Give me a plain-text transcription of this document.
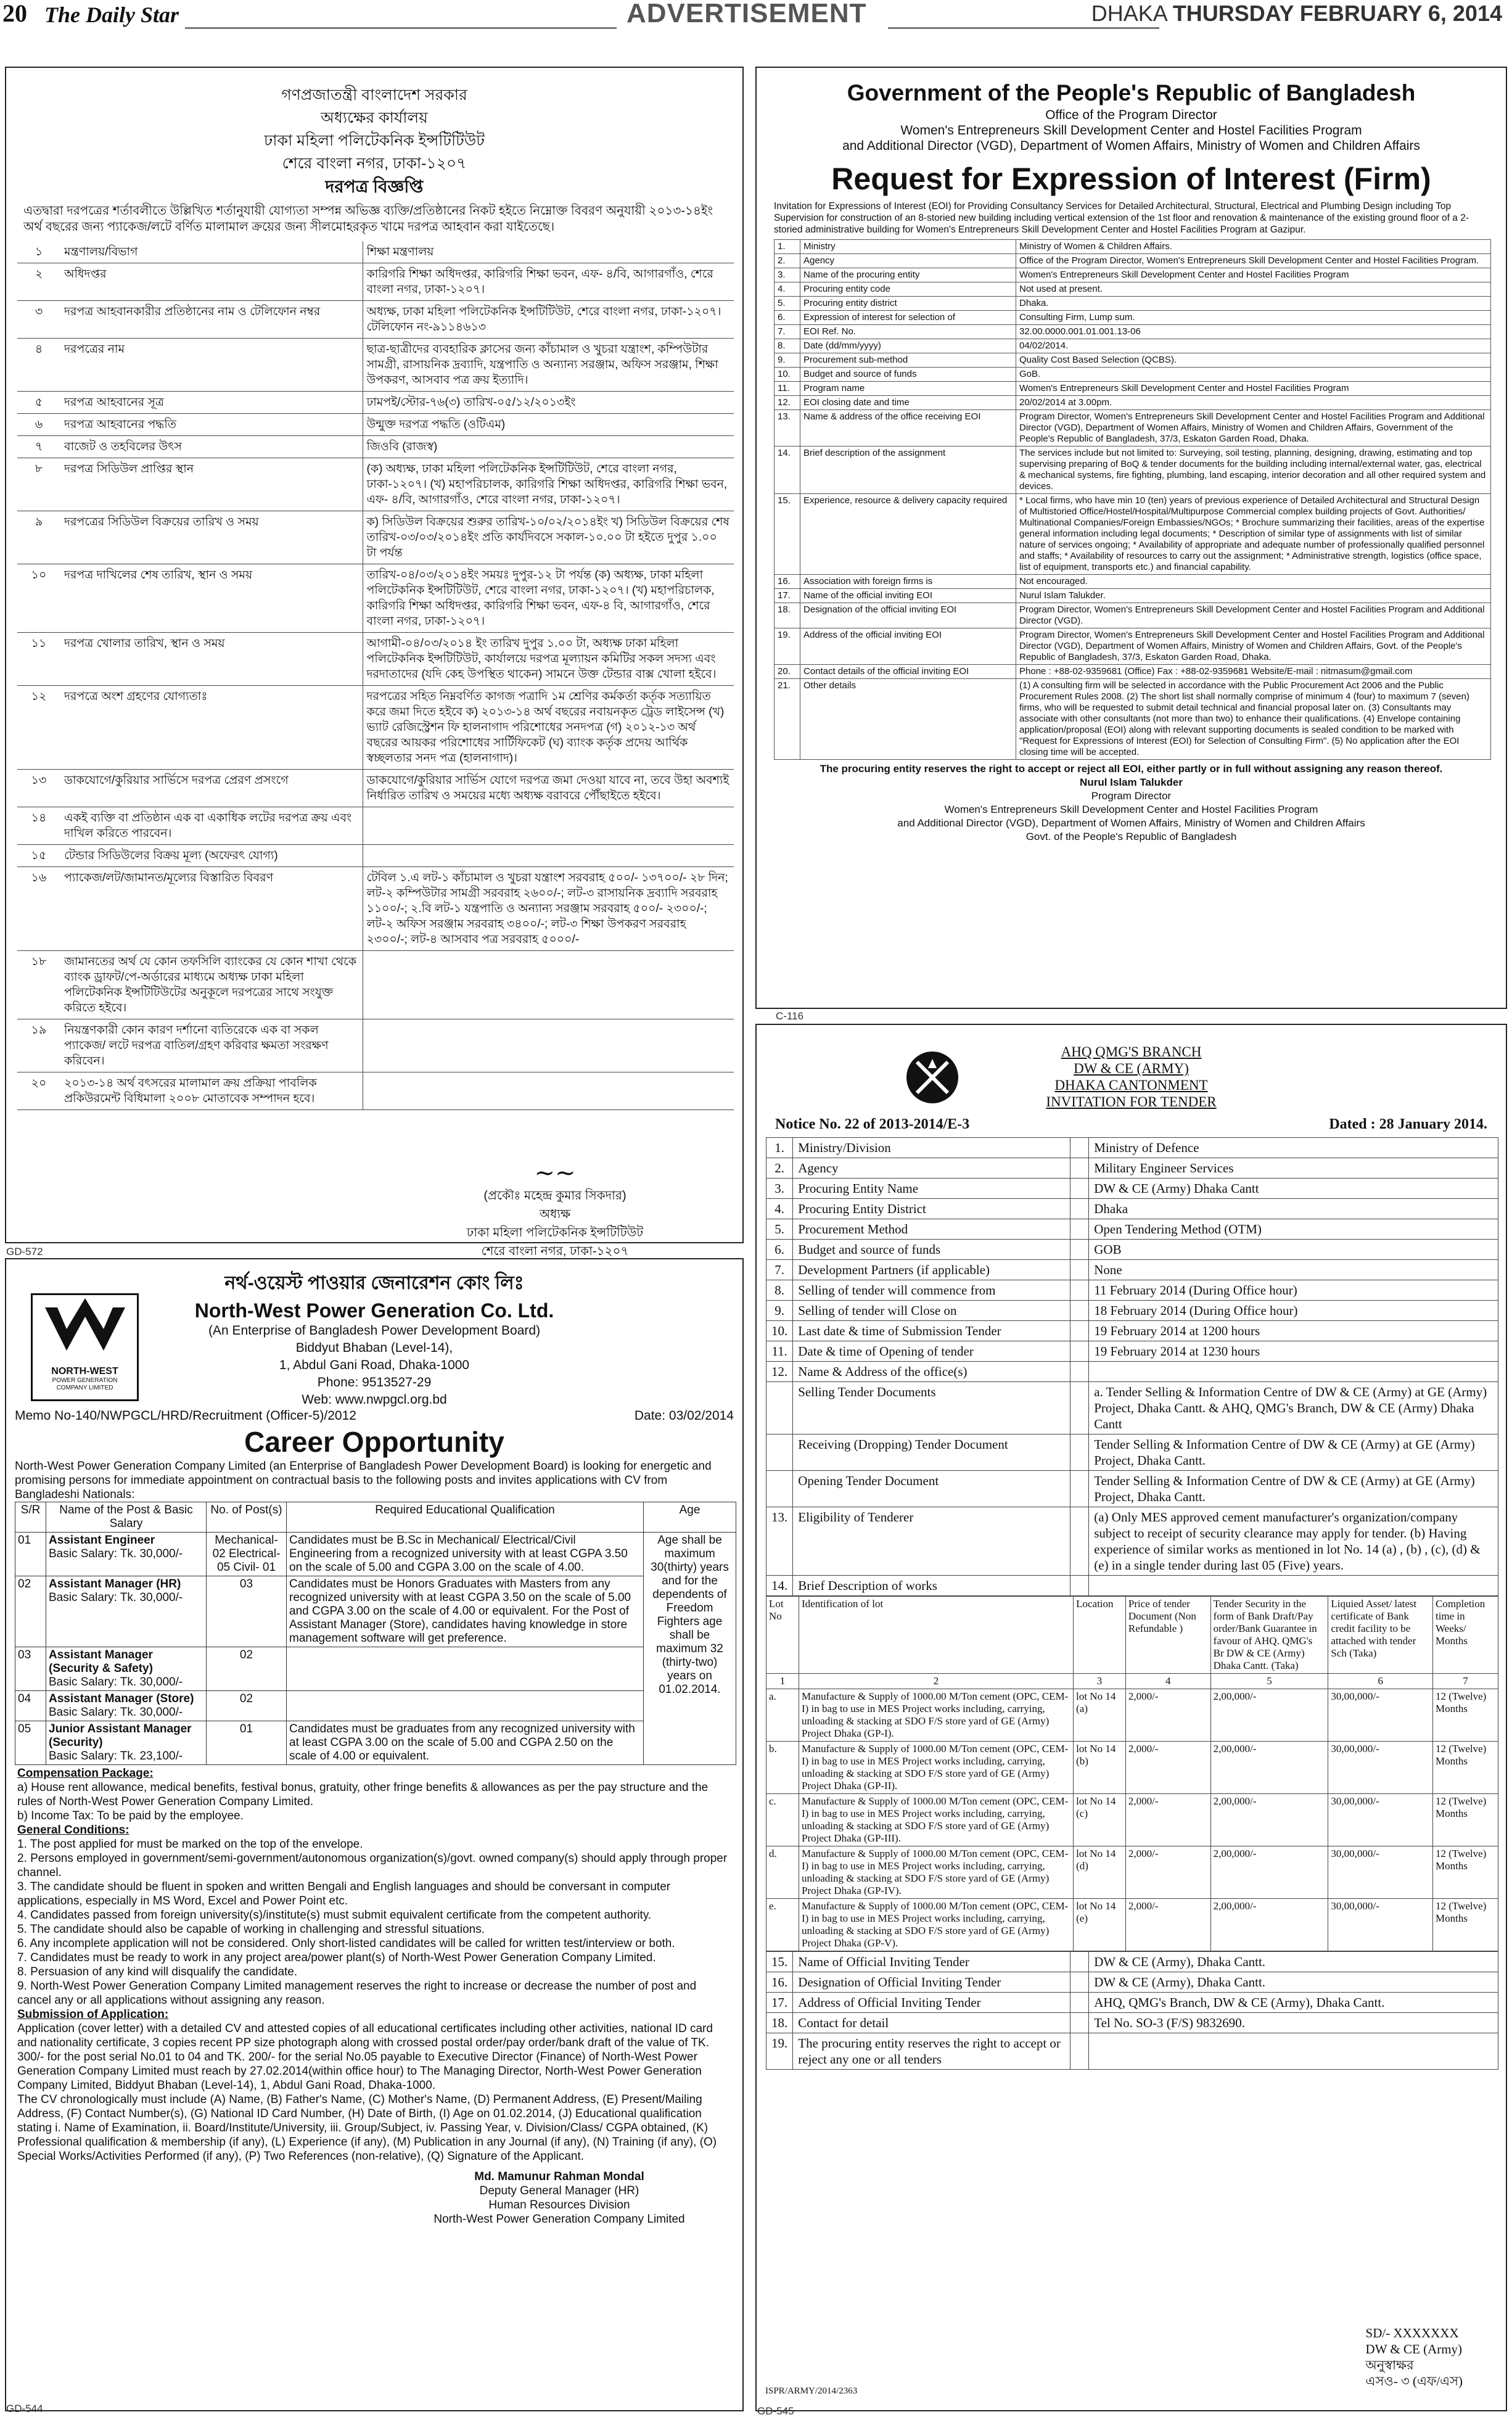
20 The Daily Star	ADVERTISEMENT	DHAKA THURSDAY FEBRUARY 6, 2014
গণপ্রজাতন্ত্রী বাংলাদেশ সরকার
অধ্যক্ষের কার্যালয়
ঢাকা মহিলা পলিটেকনিক ইন্সটিটিউট
শেরে বাংলা নগর, ঢাকা-১২০৭
দরপত্র বিজ্ঞপ্তি
এতদ্বারা দরপত্রের শর্তাবলীতে উল্লিখিত শর্তানুযায়ী যোগ্যতা সম্পন্ন অভিজ্ঞ ব্যক্তি/প্রতিষ্ঠানের নিকট হইতে নিম্নোক্ত বিবরণ অনুযায়ী ২০১৩-১৪ইং অর্থ বছরের জন্য প্যাকেজ/লটে বর্ণিত মালামাল ক্রয়ের জন্য সীলমোহরকৃত খামে দরপত্র আহবান করা যাইতেছে।
১	মন্ত্রণালয়/বিভাগ	শিক্ষা মন্ত্রণালয়
২	অধিদপ্তর	কারিগরি শিক্ষা অধিদপ্তর, কারিগরি শিক্ষা ভবন, এফ- ৪/বি, আগারগাঁও, শেরে বাংলা নগর, ঢাকা-১২০৭।
৩	দরপত্র আহবানকারীর প্রতিষ্ঠানের নাম ও টেলিফোন নম্বর	অধ্যক্ষ, ঢাকা মহিলা পলিটেকনিক ইন্সটিটিউট, শেরে বাংলা নগর, ঢাকা-১২০৭। টেলিফোন নং-৯১১৪৬১৩
৪	দরপত্রের নাম	ছাত্র-ছাত্রীদের ব্যবহারিক ক্লাসের জন্য কাঁচামাল ও খুচরা যন্ত্রাংশ, কম্পিউটার সামগ্রী, রাসায়নিক দ্রব্যাদি, যন্ত্রপাতি ও অন্যান্য সরঞ্জাম, অফিস সরঞ্জাম, শিক্ষা উপকরণ, আসবাব পত্র ক্রয় ইত্যাদি।
৫	দরপত্র আহবানের সূত্র	ঢামপই/স্টোর-৭৬(৩) তারিখ-০৫/১২/২০১৩ইং
৬	দরপত্র আহবানের পদ্ধতি	উন্মুক্ত দরপত্র পদ্ধতি (ওটিএম)
৭	বাজেট ও তহবিলের উৎস	জিওবি (রাজস্ব)
৮	দরপত্র সিডিউল প্রাপ্তির স্থান	(ক) অধ্যক্ষ, ঢাকা মহিলা পলিটেকনিক ইন্সটিটিউট, শেরে বাংলা নগর, ঢাকা-১২০৭। (খ) মহাপরিচালক, কারিগরি শিক্ষা অধিদপ্তর, কারিগরি শিক্ষা ভবন, এফ- ৪/বি, আগারগাঁও, শেরে বাংলা নগর, ঢাকা-১২০৭।
৯	দরপত্রের সিডিউল বিক্রয়ের তারিখ ও সময়	ক) সিডিউল বিক্রয়ের শুরুর তারিখ-১০/০২/২০১৪ইং খ) সিডিউল বিক্রয়ের শেষ তারিখ-০৩/০৩/২০১৪ইং প্রতি কার্যদিবসে সকাল-১০.০০ টা হইতে দুপুর ১.০০ টা পর্যন্ত
১০	দরপত্র দাখিলের শেষ তারিখ, স্থান ও সময়	তারিখ-০৪/০৩/২০১৪ইং সময়ঃ দুপুর-১২ টা পর্যন্ত (ক) অধ্যক্ষ, ঢাকা মহিলা পলিটেকনিক ইন্সটিটিউট, শেরে বাংলা নগর, ঢাকা-১২০৭। (খ) মহাপরিচালক, কারিগরি শিক্ষা অধিদপ্তর, কারিগরি শিক্ষা ভবন, এফ-৪ বি, আগারগাঁও, শেরে বাংলা নগর, ঢাকা-১২০৭।
১১	দরপত্র খোলার তারিখ, স্থান ও সময়	আগামী-০৪/০৩/২০১৪ ইং তারিখ দুপুর ১.০০ টা, অধ্যক্ষ ঢাকা মহিলা পলিটেকনিক ইন্সটিটিউট, কার্যালয়ে দরপত্র মূল্যায়ন কমিটির সকল সদস্য এবং দরদাতাদের (যদি কেহ উপস্থিত থাকেন) সামনে উক্ত টেন্ডার বাক্স খোলা হইবে।
১২	দরপত্রে অংশ গ্রহণের যোগ্যতাঃ	দরপত্রের সহিত নিম্নবর্ণিত কাগজ পত্রাদি ১ম শ্রেণির কর্মকর্তা কর্তৃক সত্যায়িত করে জমা দিতে হইবে ক) ২০১৩-১৪ অর্থ বছরের নবায়নকৃত ট্রেড লাইসেন্স (খ) ভ্যাট রেজিস্ট্রেশন ফি হালনাগাদ পরিশোধের সনদপত্র (গ) ২০১২-১৩ অর্থ বছরের আয়কর পরিশোধের সার্টিফিকেট (ঘ) ব্যাংক কর্তৃক প্রদেয় আর্থিক স্বচ্ছলতার সনদ পত্র (হালনাগাদ)।
১৩	ডাকযোগে/কুরিয়ার সার্ভিসে দরপত্র প্রেরণ প্রসংগে	ডাকযোগে/কুরিয়ার সার্ভিস যোগে দরপত্র জমা দেওয়া যাবে না, তবে উহা অবশ্যই নির্ধারিত তারিখ ও সময়ের মধ্যে অধ্যক্ষ বরাবরে পৌঁছাইতে হইবে।
১৪	একই ব্যক্তি বা প্রতিষ্ঠান এক বা একাধিক লটের দরপত্র ক্রয় এবং দাখিল করিতে পারবেন।	
১৫	টেন্ডার সিডিউলের বিক্রয় মূল্য (অফেরৎ যোগ্য)	
১৬	প্যাকেজ/লট/জামানত/মূল্যের বিস্তারিত বিবরণ	টেবিল ১.এ লট-১ কাঁচামাল ও খুচরা যন্ত্রাংশ সরবরাহ ৫০০/- ১৩৭০০/- ২৮ দিন; লট-২ কম্পিউটার সামগ্রী সরবরাহ ২৬০০/-; লট-৩ রাসায়নিক দ্রব্যাদি সরবরাহ ১১০০/-; ২.বি লট-১ যন্ত্রপাতি ও অন্যান্য সরঞ্জাম সরবরাহ ৫০০/- ২৩০০/-; লট-২ অফিস সরঞ্জাম সরবরাহ ৩৪০০/-; লট-৩ শিক্ষা উপকরণ সরবরাহ ২৩০০/-; লট-৪ আসবাব পত্র সরবরাহ ৫০০০/-
১৮	জামানতের অর্থ যে কোন তফসিলি ব্যাংকের যে কোন শাখা থেকে ব্যাংক ড্রাফট/পে-অর্ডারের মাধ্যমে অধ্যক্ষ ঢাকা মহিলা পলিটেকনিক ইন্সটিটিউটের অনুকূলে দরপত্রের সাথে সংযুক্ত করিতে হইবে।	
১৯	নিয়ন্ত্রণকারী কোন কারণ দর্শানো ব্যতিরেকে এক বা সকল প্যাকেজ/ লটে দরপত্র বাতিল/গ্রহণ করিবার ক্ষমতা সংরক্ষণ করিবেন।	
২০	২০১৩-১৪ অর্থ বৎসরের মালামাল ক্রয় প্রক্রিয়া পাবলিক প্রকিউরমেন্ট বিধিমালা ২০০৮ মোতাবেক সম্পাদন হবে।	
~~
(প্রকৌঃ মহেন্দ্র কুমার সিকদার)
অধ্যক্ষ
ঢাকা মহিলা পলিটেকনিক ইন্সটিটিউট
শেরে বাংলা নগর, ঢাকা-১২০৭
GD-572
Government of the People's Republic of Bangladesh
Office of the Program Director
Women's Entrepreneurs Skill Development Center and Hostel Facilities Program
and Additional Director (VGD), Department of Women Affairs, Ministry of Women and Children Affairs
Request for Expression of Interest (Firm)
Invitation for Expressions of Interest (EOI) for Providing Consultancy Services for Detailed Architectural, Structural, Electrical and Plumbing Design including Top Supervision for construction of an 8-storied new building including vertical extension of the 1st floor and renovation & maintenance of the existing ground floor of a 2-storied administrative building for Women's Entrepreneurs Skill Development Center and Hostel Facilities Program at Gazipur.
1.	Ministry	Ministry of Women & Children Affairs.
2.	Agency	Office of the Program Director, Women's Entrepreneurs Skill Development Center and Hostel Facilities Program.
3.	Name of the procuring entity	Women's Entrepreneurs Skill Development Center and Hostel Facilities Program
4.	Procuring entity code	Not used at present.
5.	Procuring entity district	Dhaka.
6.	Expression of interest for selection of	Consulting Firm, Lump sum.
7.	EOI Ref. No.	32.00.0000.001.01.001.13-06
8.	Date (dd/mm/yyyy)	04/02/2014.
9.	Procurement sub-method	Quality Cost Based Selection (QCBS).
10.	Budget and source of funds	GoB.
11.	Program name	Women's Entrepreneurs Skill Development Center and Hostel Facilities Program
12.	EOI closing date and time	20/02/2014 at 3.00pm.
13.	Name & address of the office receiving EOI	Program Director, Women's Entrepreneurs Skill Development Center and Hostel Facilities Program and Additional Director (VGD), Department of Women Affairs, Ministry of Women and Children Affairs, Government of the People's Republic of Bangladesh, 37/3, Eskaton Garden Road, Dhaka.
14.	Brief description of the assignment	The services include but not limited to: Surveying, soil testing, planning, designing, drawing, estimating and top supervising preparing of BoQ & tender documents for the building including internal/external water, gas, electrical & mechanical systems, fire fighting, plumbing, land escaping, interior decoration and all other required system and devices.
15.	Experience, resource & delivery capacity required	* Local firms, who have min 10 (ten) years of previous experience of Detailed Architectural and Structural Design of Multistoried Office/Hostel/Hospital/Multipurpose Commercial complex building projects of Govt. Authorities/ Multinational Companies/Foreign Embassies/NGOs; * Brochure summarizing their facilities, areas of the expertise general information including legal documents; * Description of similar type of assignments with list of similar nature of services ongoing; * Availability of appropriate and adequate number of professionally qualified personnel and staffs; * Availability of resources to carry out the assignment; * Administrative strength, logistics (office space, list of equipment, transports etc.) and financial capability.
16.	Association with foreign firms is	Not encouraged.
17.	Name of the official inviting EOI	Nurul Islam Talukder.
18.	Designation of the official inviting EOI	Program Director, Women's Entrepreneurs Skill Development Center and Hostel Facilities Program and Additional Director (VGD).
19.	Address of the official inviting EOI	Program Director, Women's Entrepreneurs Skill Development Center and Hostel Facilities Program and Additional Director (VGD), Department of Women Affairs, Ministry of Women and Children Affairs, Govt. of the People's Republic of Bangladesh, 37/3, Eskaton Garden Road, Dhaka.
20.	Contact details of the official inviting EOI	Phone : +88-02-9359681 (Office) Fax : +88-02-9359681 Website/E-mail : nitmasum@gmail.com
21.	Other details	(1) A consulting firm will be selected in accordance with the Public Procurement Act 2006 and the Public Procurement Rules 2008. (2) The short list shall normally comprise of minimum 4 (four) to maximum 7 (seven) firms, who will be requested to submit detail technical and financial proposal later on. (3) Consultants may associate with other consultants (not more than two) to enhance their qualifications. (4) Envelope containing application/proposal (EOI) along with relevant supporting documents is sealed condition to be marked with "Request for Expressions of Interest (EOI) for Selection of Consulting Firm". (5) No application after the EOI closing time will be accepted.
The procuring entity reserves the right to accept or reject all EOI, either partly or in full without assigning any reason thereof.
Nurul Islam Talukder
Program Director
Women's Entrepreneurs Skill Development Center and Hostel Facilities Program
and Additional Director (VGD), Department of Women Affairs, Ministry of Women and Children Affairs
Govt. of the People's Republic of Bangladesh
C-116
NORTH-WEST
POWER GENERATION
COMPANY LIMITED
নর্থ-ওয়েস্ট পাওয়ার জেনারেশন কোং লিঃ
North-West Power Generation Co. Ltd.
(An Enterprise of Bangladesh Power Development Board)
Biddyut Bhaban (Level-14),
1, Abdul Gani Road, Dhaka-1000
Phone: 9513527-29
Web: www.nwpgcl.org.bd
Memo No-140/NWPGCL/HRD/Recruitment (Officer-5)/2012	Date: 03/02/2014
Career Opportunity
North-West Power Generation Company Limited (an Enterprise of Bangladesh Power Development Board) is looking for energetic and promising persons for immediate appointment on contractual basis to the following posts and invites applications with CV from Bangladeshi Nationals:
S/R	Name of the Post & Basic Salary	No. of Post(s)	Required Educational Qualification	Age
01	Assistant Engineer
Basic Salary: Tk. 30,000/-	Mechanical- 02 Electrical- 05 Civil- 01	Candidates must be B.Sc in Mechanical/ Electrical/Civil Engineering from a recognized university with at least CGPA 3.50 on the scale of 5.00 and CGPA 3.00 on the scale of 4.00.	Age shall be maximum 30(thirty) years and for the dependents of Freedom Fighters age shall be maximum 32 (thirty-two) years on 01.02.2014.
02	Assistant Manager (HR)
Basic Salary: Tk. 30,000/-	03	Candidates must be Honors Graduates with Masters from any recognized university with at least CGPA 3.50 on the scale of 5.00 and CGPA 3.00 on the scale of 4.00 or equivalent. For the Post of Assistant Manager (Store), candidates having knowledge in store management software will get preference.	
03	Assistant Manager (Security & Safety)
Basic Salary: Tk. 30,000/-	02		
04	Assistant Manager (Store)
Basic Salary: Tk. 30,000/-	02		
05	Junior Assistant Manager (Security)
Basic Salary: Tk. 23,100/-	01	Candidates must be graduates from any recognized university with at least CGPA 3.00 on the scale of 5.00 and CGPA 2.50 on the scale of 4.00 or equivalent.	
Compensation Package:
a) House rent allowance, medical benefits, festival bonus, gratuity, other fringe benefits & allowances as per the pay structure and the rules of North-West Power Generation Company Limited.
b) Income Tax: To be paid by the employee.
General Conditions:
1. The post applied for must be marked on the top of the envelope.
2. Persons employed in government/semi-government/autonomous organization(s)/govt. owned company(s) should apply through proper channel.
3. The candidate should be fluent in spoken and written Bengali and English languages and should be conversant in computer applications, especially in MS Word, Excel and Power Point etc.
4. Candidates passed from foreign university(s)/institute(s) must submit equivalent certificate from the competent authority.
5. The candidate should also be capable of working in challenging and stressful situations.
6. Any incomplete application will not be considered. Only short-listed candidates will be called for written test/interview or both.
7. Candidates must be ready to work in any project area/power plant(s) of North-West Power Generation Company Limited.
8. Persuasion of any kind will disqualify the candidate.
9. North-West Power Generation Company Limited management reserves the right to increase or decrease the number of post and cancel any or all applications without assigning any reason.
Submission of Application:
Application (cover letter) with a detailed CV and attested copies of all educational certificates including other activities, national ID card and nationality certificate, 3 copies recent PP size photograph along with crossed postal order/pay order/bank draft of the value of TK. 300/- for the post serial No.01 to 04 and TK. 200/- for the serial No.05 payable to Executive Director (Finance) of North-West Power Generation Company Limited must reach by 27.02.2014(within office hour) to The Managing Director, North-West Power Generation Company Limited, Biddyut Bhaban (Level-14), 1, Abdul Gani Road, Dhaka-1000.
The CV chronologically must include (A) Name, (B) Father's Name, (C) Mother's Name, (D) Permanent Address, (E) Present/Mailing Address, (F) Contact Number(s), (G) National ID Card Number, (H) Date of Birth, (I) Age on 01.02.2014, (J) Educational qualification stating i. Name of Examination, ii. Board/Institute/University, iii. Group/Subject, iv. Passing Year, v. Division/Class/ CGPA obtained, (K) Professional qualification & membership (if any), (L) Experience (if any), (M) Publication in any Journal (if any), (N) Training (if any), (O) Special Works/Activities Performed (if any), (P) Two References (non-relative), (Q) Signature of the Applicant.
Md. Mamunur Rahman Mondal
Deputy General Manager (HR)
Human Resources Division
North-West Power Generation Company Limited
GD-544
AHQ QMG'S BRANCH
DW & CE (ARMY)
DHAKA CANTONMENT
INVITATION FOR TENDER
Notice No. 22 of 2013-2014/E-3	Dated : 28 January 2014.
1.	Ministry/Division		Ministry of Defence
2.	Agency		Military Engineer Services
3.	Procuring Entity Name		DW & CE (Army) Dhaka Cantt
4.	Procuring Entity District		Dhaka
5.	Procurement Method		Open Tendering Method (OTM)
6.	Budget and source of funds		GOB
7.	Development Partners (if applicable)		None
8.	Selling of tender will commence from		11 February 2014 (During Office hour)
9.	Selling of tender will Close on		18 February 2014 (During Office hour)
10.	Last date & time of Submission Tender		19 February 2014 at 1200 hours
11.	Date & time of Opening of tender		19 February 2014 at 1230 hours
12.	Name & Address of the office(s)		
	Selling Tender Documents		a. Tender Selling & Information Centre of DW & CE (Army) at GE (Army) Project, Dhaka Cantt. & AHQ, QMG's Branch, DW & CE (Army) Dhaka Cantt
	Receiving (Dropping) Tender Document		Tender Selling & Information Centre of DW & CE (Army) at GE (Army) Project, Dhaka Cantt.
	Opening Tender Document		Tender Selling & Information Centre of DW & CE (Army) at GE (Army) Project, Dhaka Cantt.
13.	Eligibility of Tenderer		(a) Only MES approved cement manufacturer's organization/company subject to receipt of security clearance may apply for tender. (b) Having experience of similar works as mentioned in lot No. 14 (a) , (b) , (c), (d) & (e) in a single tender during last 05 (Five) years.
14.	Brief Description of works		
Lot No	Identification of lot	Location	Price of tender Document (Non Refundable )	Tender Security in the form of Bank Draft/Pay order/Bank Guarantee in favour of AHQ. QMG's Br DW & CE (Army) Dhaka Cantt. (Taka)	Liquied Asset/ latest certificate of Bank credit facility to be attached with tender Sch (Taka)	Completion time in Weeks/ Months
1	2	3	4	5	6	7
a.	Manufacture & Supply of 1000.00 M/Ton cement (OPC, CEM-I) in bag to use in MES Project works including, carrying, unloading & stacking at SDO F/S store yard of GE (Army) Project Dhaka (GP-I).	lot No 14 (a)	2,000/-	2,00,000/-	30,00,000/-	12 (Twelve) Months
b.	Manufacture & Supply of 1000.00 M/Ton cement (OPC, CEM-I) in bag to use in MES Project works including, carrying, unloading & stacking at SDO F/S store yard of GE (Army) Project Dhaka (GP-II).	lot No 14 (b)	2,000/-	2,00,000/-	30,00,000/-	12 (Twelve) Months
c.	Manufacture & Supply of 1000.00 M/Ton cement (OPC, CEM-I) in bag to use in MES Project works including, carrying, unloading & stacking at SDO F/S store yard of GE (Army) Project Dhaka (GP-III).	lot No 14 (c)	2,000/-	2,00,000/-	30,00,000/-	12 (Twelve) Months
d.	Manufacture & Supply of 1000.00 M/Ton cement (OPC, CEM-I) in bag to use in MES Project works including, carrying, unloading & stacking at SDO F/S store yard of GE (Army) Project Dhaka (GP-IV).	lot No 14 (d)	2,000/-	2,00,000/-	30,00,000/-	12 (Twelve) Months
e.	Manufacture & Supply of 1000.00 M/Ton cement (OPC, CEM-I) in bag to use in MES Project works including, carrying, unloading & stacking at SDO F/S store yard of GE (Army) Project Dhaka (GP-V).	lot No 14 (e)	2,000/-	2,00,000/-	30,00,000/-	12 (Twelve) Months
15.	Name of Official Inviting Tender		DW & CE (Army), Dhaka Cantt.
16.	Designation of Official Inviting Tender		DW & CE (Army), Dhaka Cantt.
17.	Address of Official Inviting Tender		AHQ, QMG's Branch, DW & CE (Army), Dhaka Cantt.
18.	Contact for detail		Tel No. SO-3 (F/S) 9832690.
19.	The procuring entity reserves the right to accept or reject any one or all tenders		
SD/- XXXXXXX
DW & CE (Army)
অনুস্বাক্ষর
এসও- ৩ (এফ/এস)
ISPR/ARMY/2014/2363
GD-545
